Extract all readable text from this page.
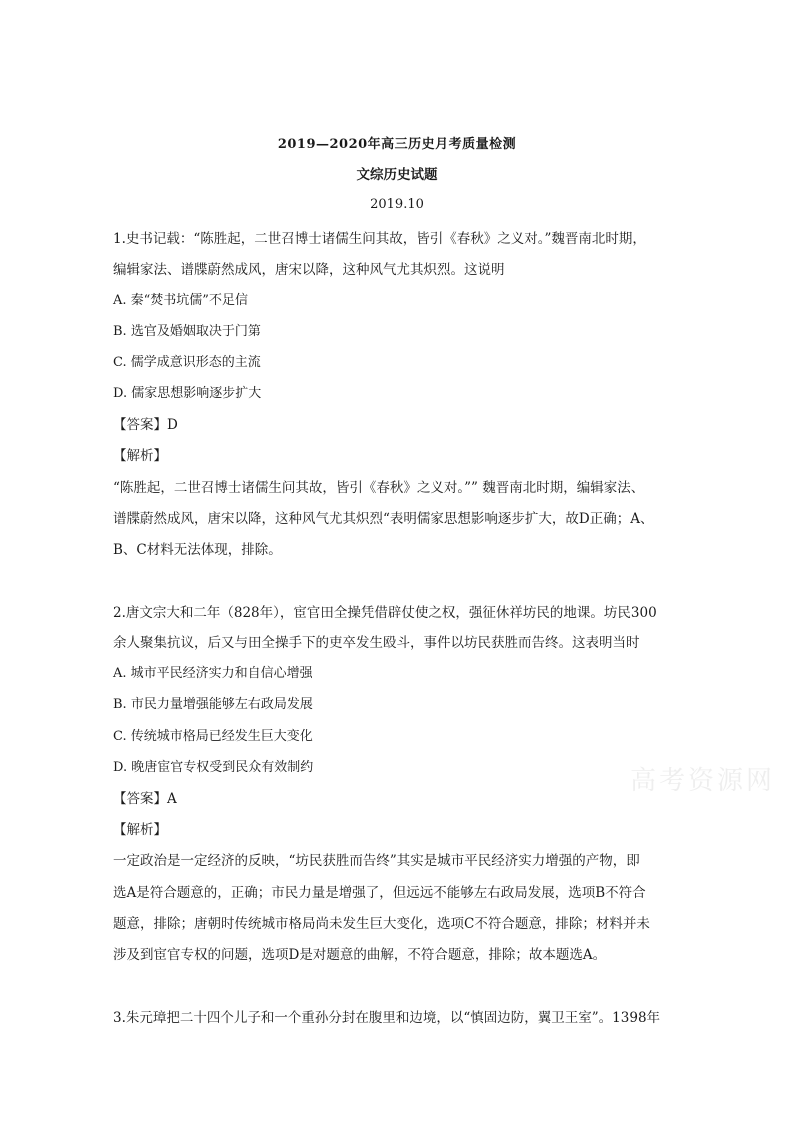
2019—2020年高三历史月考质量检测
文综历史试题
2019.10
1.史书记载：“陈胜起，二世召博士诸儒生问其故，皆引《春秋》之义对。”魏晋南北时期，
编辑家法、谱牒蔚然成风，唐宋以降，这种风气尤其炽烈。这说明
A. 秦“焚书坑儒”不足信
B. 选官及婚姻取决于门第
C. 儒学成意识形态的主流
D. 儒家思想影响逐步扩大
【答案】D
【解析】
“陈胜起，二世召博士诸儒生问其故，皆引《春秋》之义对。”” 魏晋南北时期，编辑家法、
谱牒蔚然成风，唐宋以降，这种风气尤其炽烈“表明儒家思想影响逐步扩大，故D正确；A、
B、C材料无法体现，排除。
2.唐文宗大和二年（828年），宦官田全操凭借辟仗使之权，强征休祥坊民的地课。坊民300
余人聚集抗议，后又与田全操手下的吏卒发生殴斗，事件以坊民获胜而告终。这表明当时
A. 城市平民经济实力和自信心增强
B. 市民力量增强能够左右政局发展
C. 传统城市格局已经发生巨大变化
D. 晚唐宦官专权受到民众有效制约
【答案】A
【解析】
一定政治是一定经济的反映，“坊民获胜而告终”其实是城市平民经济实力增强的产物，即
选A是符合题意的，正确；市民力量是增强了，但远远不能够左右政局发展，选项B不符合
题意，排除；唐朝时传统城市格局尚未发生巨大变化，选项C不符合题意，排除；材料并未
涉及到宦官专权的问题，选项D是对题意的曲解，不符合题意，排除；故本题选A。
3.朱元璋把二十四个儿子和一个重孙分封在腹里和边境，以“慎固边防，翼卫王室”。1398年
高考资源网
